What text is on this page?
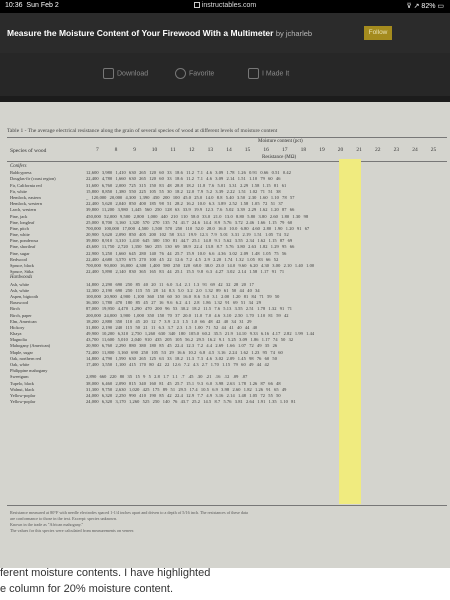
10:36 Sun Feb 2	instructables.com	⊽ ↗ 82% ▭
Measure the Moisture Content of Your Firewood With a Multimeter by jcharleb	Follow
Download	Favorite	I Made It
Table 1 - The average electrical resistance along the grain of several species of wood at different levels of moisture content
Moisture content (pct)
Species of wood	7	8	9	10 11 12 13 14 15 16 17 18 19 20 21 22 23 24 25
Resistance (MΩ)
Conifers
Baldcypress	12,600 3,980 1,410 630 265 120 60 33 18.6 11.2 7.1 4.6 3.09 1.78 1.26 0.91 0.66 0.51 0.42
Douglas-fir (coast region)	22,400 4,780 1,660 630 265 120 60 33 18.6 11.2 7.1 4.6 3.09 2.14 1.51 1.10 79 60 46
Fir, California red	31,600 6,760 2,000 725 315 150 83 48 28.8 18.2 11.8 7.6 5.01 3.31 2.29 1.58 1.15 81 61
Fir, white	15,800 8,850 1,380 550 225 105 55 30 18.2 12.0 7.9 5.2 3.39 2.22 1.51 1.02 71 51 38
Hemlock, eastern	_ 120,000 20,000 4,300 1,390 450 200 100 45.0 25.0 14.0 8.8 5.40 3.50 2.30 1.60 1.10 78 57
Hemlock, western	22,400 5,620 2,040 850 400 185 98 51 28.2 16.2 10.0 6.3 3.89 2.52 1.58 1.05 72 51 37
Larch, western	39,800 11,200 3,980 1,445 560 250 128 63 33.9 19.9 12.3 7.6 5.02 3.39 2.29 1.62 1.20 87 66
Pine, jack	450,000 52,000 9,500 2,800 1,000 440 210 110 58.0 33.0 21.0 13.0 8.80 5.80 3.80 2.60 1.80 1.30 98
Pine, longleaf	25,000 8,700 3,160 1,320 570 270 135 74 41.7 24.6 14.4 8.9 5.76 3.72 2.46 1.66 1.15 79 60
Pine, pitch	700,000 100,000 17,000 4,500 1,500 570 250 110 52.0 28.0 16.0 10.0 6.80 4.60 2.80 1.90 1.20 91 67
Pine, white	20,900 5,620 2,090 850 405 200 102 58 33.1 19.9 12.3 7.9 5.01 3.31 2.19 1.51 1.05 74 52
Pine, ponderosa	39,800 8,910 3,310 1,410 645 300 150 81 44.7 25.1 14.8 9.1 5.62 3.55 2.34 1.62 1.15 87 69
Pine, shortleaf	43,600 11,750 2,720 1,350 560 255 130 69 38.9 22.4 13.8 8.7 5.76 3.80 2.63 1.82 1.29 95 66
Pine, sugar	22,900 5,250 1,660 645 280 140 76 44 25.7 15.9 10.0 6.6 4.36 3.02 2.09 1.48 1.05 75 56
Redwood	22,400 4,680 3,570 675 270 100 45 22 12.6 7.2 4.5 2.9 2.20 1.74 1.32 1.05 83 66 52
Spruce, black	700,000 90,000 16,000 4,300 1,400 580 250 120 68.0 38.0 23.0 14.0 9.60 6.20 4.30 3.00 2.10 1.40 1.00
Spruce, Sitka	22,400 5,890 2,140 830 365 165 83 44 25.1 15.5 9.8 6.3 4.27 3.02 2.14 1.58 1.17 91 71
Hardwoods
Ash, white	14,800 2,290 690 250 85 40 20 11 6.0 3.4 2.1 1.3 91 69 42 32 28 20 17
Ash, white	12,300 2,190 690 250 115 55 28 14 8.3 5.0 3.2 2.0 1.32 89 61 50 44 40 34
Aspen, bigtooth	100,000 20,900 4,900 1,100 360 150 60 30 16.0 8.6 5.0 3.1 2.00 1.20 81 84 71 59 50
Basswood	36,300 1,780 470 180 85 45 27 16 9.6 6.2 4.1 2.8 1.86 1.32 91 69 51 34 29
Birch	87,000 19,950 4,470 1,290 470 200 96 53 30.2 18.2 11.5 7.6 5.13 3.55 2.51 1.78 1.32 91 71
Birch, paper	200,000 24,000 3,900 1,000 350 150 70 37 20.0 11.0 7.0 4.6 3.10 2.50 1.70 1.10 81 59 42
Elm, American	18,200 2,880 350 110 45 20 12 7 3.9 2.3 1.5 1.0 66 48 42 40 34 31 29
Hickory	31,800 2,190 240 115 50 21 11 6.3 3.7 2.3 1.5 1.00 71 52 44 41 40 44 40
Khaya	49,900 10,200 6,310 2,750 1,260 630 340 180 105.0 60.2 35.5 21.9 14.10 9.33 6.16 4.17 2.82 1.99 1.44
Magnolia	43,700 11,600 5,010 2,040 910 435 205 105 56.2 29.5 16.2 9.1 5.25 3.09 1.86 1.17 74 50 32
Mahogany (American)	20,900 6,760 2,290 880 380 180 85 45 22.4 12.3 7.2 4.4 2.69 1.66 1.07 72 49 35 26
Maple, sugar	72,400 11,800 3,160 690 250 105 53 29 16.6 10.2 6.8 4.5 3.16 2.24 1.62 1.23 95 74 60
Oak, northern red	14,800 4,790 1,590 630 265 125 63 33 18.2 11.3 7.3 4.6 3.02 2.09 1.45 98 76 60 50
Oak, white	17,400 3,550 1,100 415 170 80 42 22 12.6 7.2 4.3 2.7 1.70 1.15 79 60 49 44 42
Philippine mahogany
Sweetgum	2,890 660 220 80 35 15 9 5 2.8 1.7 1.1 .7 .45 .30 .21 .16 .12 .09 .07
Tupelo, black	38,000 6,460 2,090 815 340 160 81 45 25.7 15.1 9.3 6.0 3.98 2.63 1.78 1.26 87 66 48
Walnut, black	31,300 9,750 2,630 1,020 425 175 89 51 29.5 17.4 10.5 6.9 3.98 2.60 1.82 1.26 91 65 49
Yellow-poplar	24,000 6,320 2,250 990 410 190 85 42 22.4 12.9 7.7 4.9 3.16 2.14 1.48 1.05 72 55 50
Yellow-poplar	24,000 6,320 3,170 1,260 525 250 140 76 43.7 25.2 14.5 8.7 5.76 3.81 2.64 1.91 1.35 1.10 81
Resistance measured at 80°F with needle electrodes spaced 1-1/4 inches apart and driven to a depth of 5/16 inch. The resistances of these data
are conformance to those in the text. Excerpt: species unknown.
Known in the trade as "African mahogany."
The values for this species were calculated from measurements on veneer.
ferent moisture contents. I have highlighted
e column for 20% moisture content.
